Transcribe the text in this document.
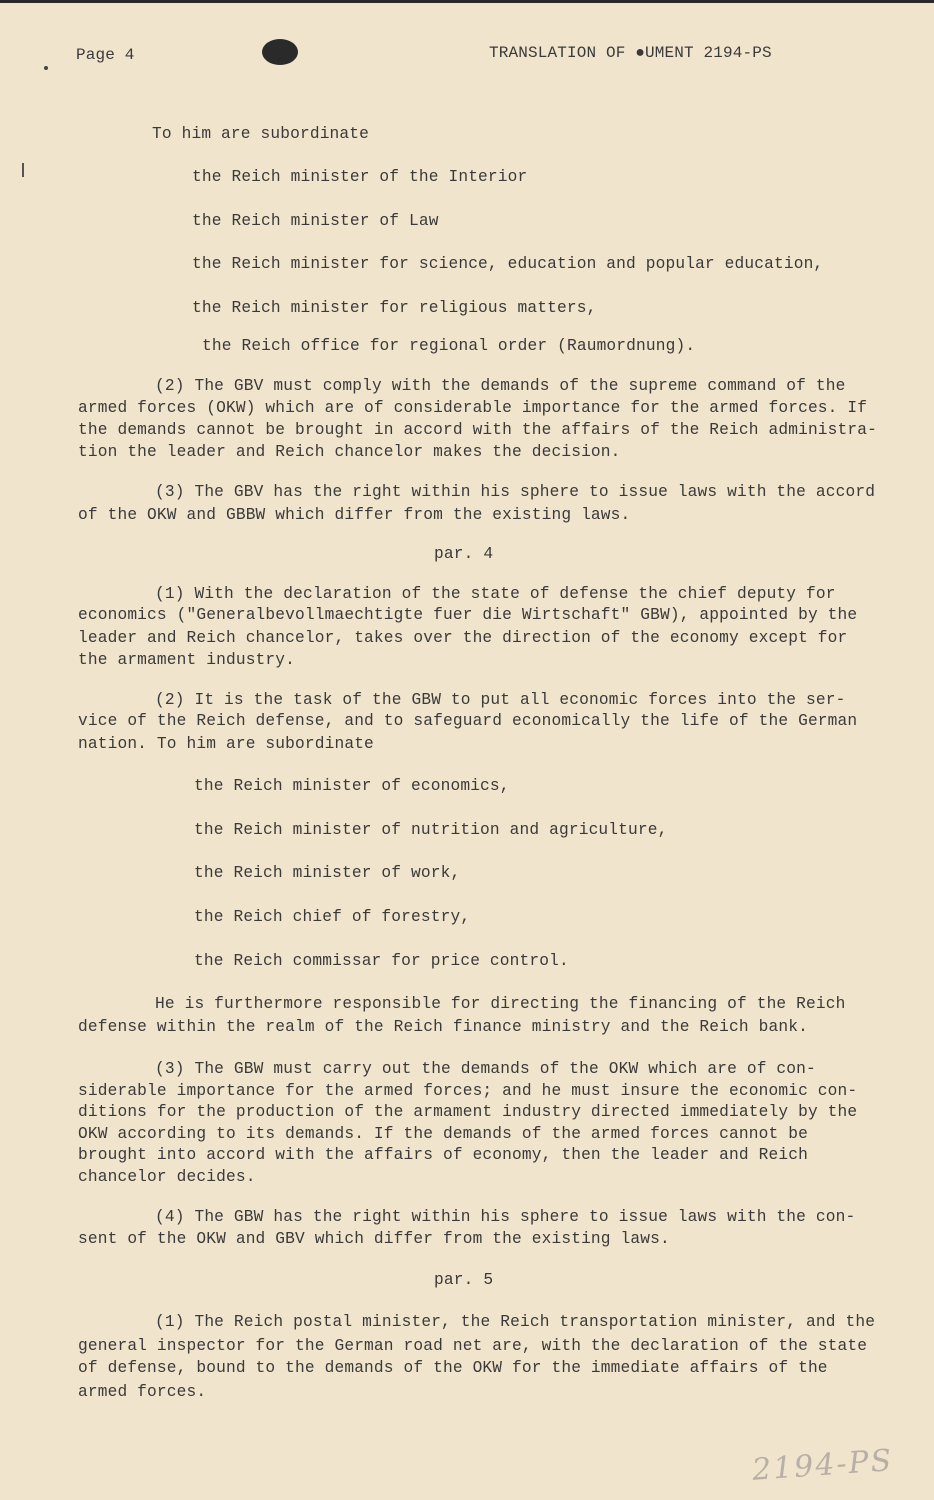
Page 4	TRANSLATION OF ●UMENT 2194-PS
To him are subordinate
the Reich minister of the Interior
the Reich minister of Law
the Reich minister for science, education and popular education,
the Reich minister for religious matters,
the Reich office for regional order (Raumordnung).
(2) The GBV must comply with the demands of the supreme command of the
armed forces (OKW) which are of considerable importance for the armed forces. If
the demands cannot be brought in accord with the affairs of the Reich administra-
tion the leader and Reich chancelor makes the decision.
(3) The GBV has the right within his sphere to issue laws with the accord
of the OKW and GBBW which differ from the existing laws.
par. 4
(1) With the declaration of the state of defense the chief deputy for
economics ("Generalbevollmaechtigte fuer die Wirtschaft" GBW), appointed by the
leader and Reich chancelor, takes over the direction of the economy except for
the armament industry.
(2) It is the task of the GBW to put all economic forces into the ser-
vice of the Reich defense, and to safeguard economically the life of the German
nation. To him are subordinate
the Reich minister of economics,
the Reich minister of nutrition and agriculture,
the Reich minister of work,
the Reich chief of forestry,
the Reich commissar for price control.
He is furthermore responsible for directing the financing of the Reich
defense within the realm of the Reich finance ministry and the Reich bank.
(3) The GBW must carry out the demands of the OKW which are of con-
siderable importance for the armed forces; and he must insure the economic con-
ditions for the production of the armament industry directed immediately by the
OKW according to its demands. If the demands of the armed forces cannot be
brought into accord with the affairs of economy, then the leader and Reich
chancelor decides.
(4) The GBW has the right within his sphere to issue laws with the con-
sent of the OKW and GBV which differ from the existing laws.
par. 5
(1) The Reich postal minister, the Reich transportation minister, and the
general inspector for the German road net are, with the declaration of the state
of defense, bound to the demands of the OKW for the immediate affairs of the
armed forces.
2194-PS
